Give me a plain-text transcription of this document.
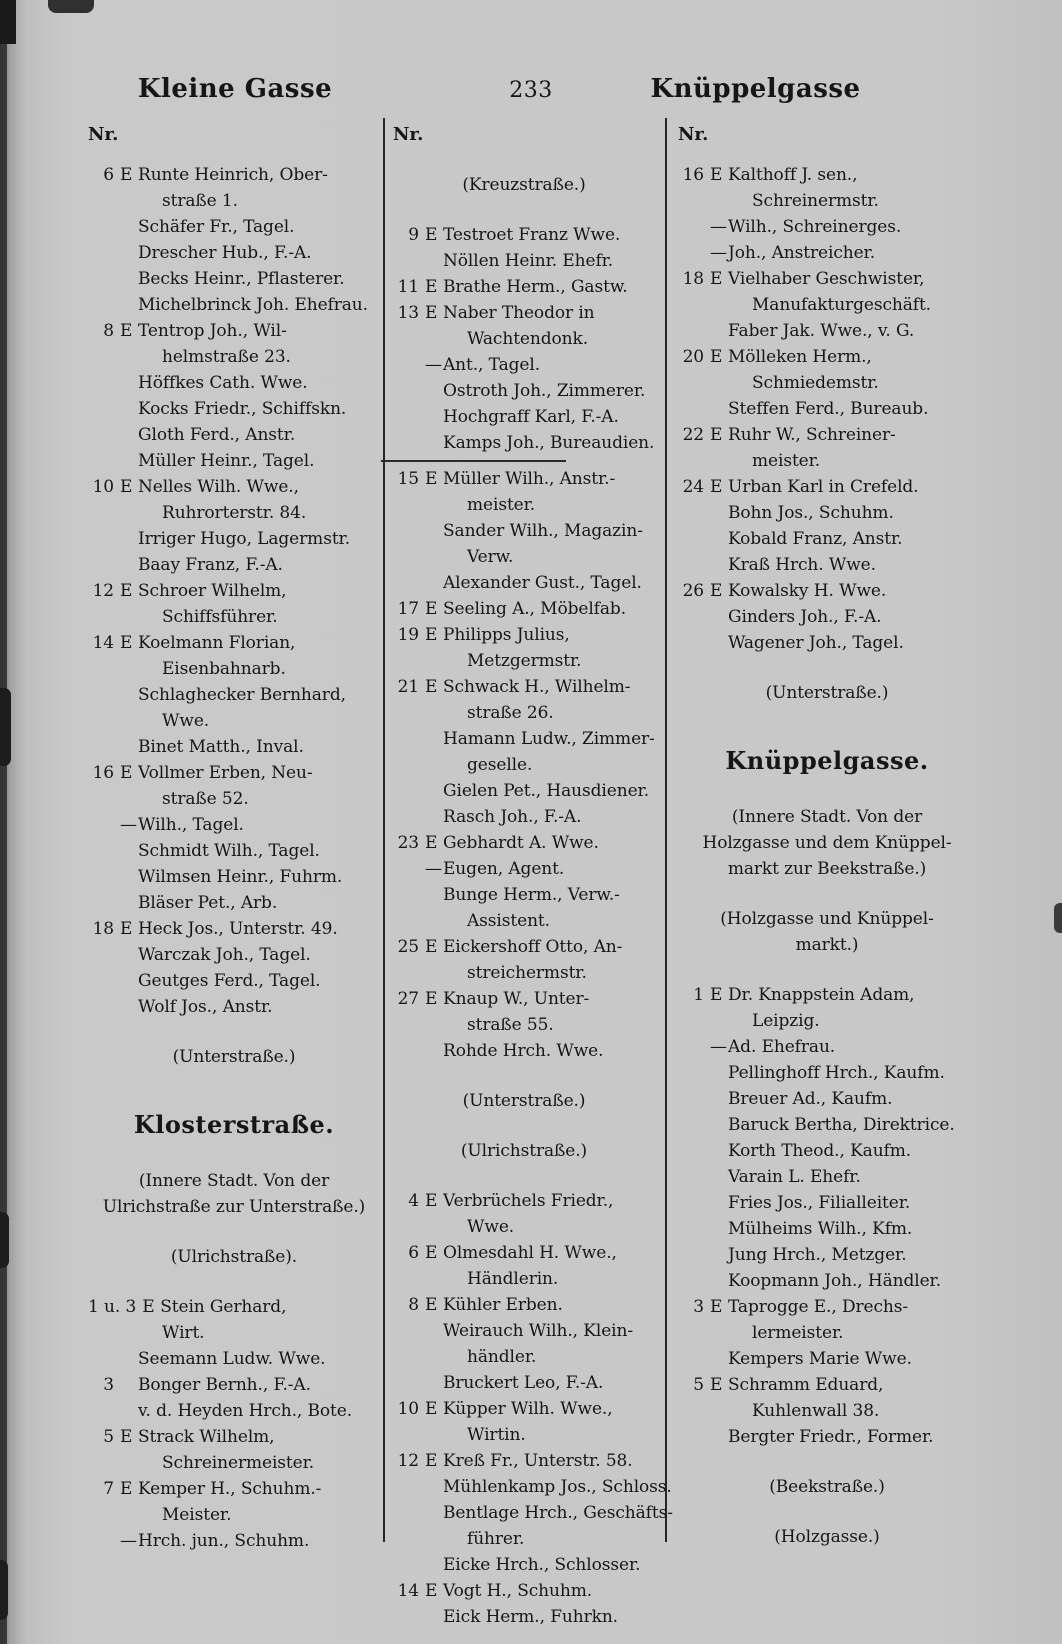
Kleine Gasse	233	Knüppelgasse
Nr.
6 E Runte Heinrich, Ober-
straße 1.
Schäfer Fr., Tagel.
Drescher Hub., F.-A.
Becks Heinr., Pflasterer.
Michelbrinck Joh. Ehefrau.
8 E Tentrop Joh., Wil-
helmstraße 23.
Höffkes Cath. Wwe.
Kocks Friedr., Schiffskn.
Gloth Ferd., Anstr.
Müller Heinr., Tagel.
10 E Nelles Wilh. Wwe.,
Ruhrorterstr. 84.
Irriger Hugo, Lagermstr.
Baay Franz, F.-A.
12 E Schroer Wilhelm,
Schiffsführer.
14 E Koelmann Florian,
Eisenbahnarb.
Schlaghecker Bernhard,
Wwe.
Binet Matth., Inval.
16 E Vollmer Erben, Neu-
straße 52.
—Wilh., Tagel.
Schmidt Wilh., Tagel.
Wilmsen Heinr., Fuhrm.
Bläser Pet., Arb.
18 E Heck Jos., Unterstr. 49.
Warczak Joh., Tagel.
Geutges Ferd., Tagel.
Wolf Jos., Anstr.
(Unterstraße.)
Klosterstraße.
(Innere Stadt. Von der
Ulrichstraße zur Unterstraße.)
(Ulrichstraße).
1 u. 3 E Stein Gerhard,
Wirt.
Seemann Ludw. Wwe.
3 Bonger Bernh., F.-A.
v. d. Heyden Hrch., Bote.
5 E Strack Wilhelm,
Schreinermeister.
7 E Kemper H., Schuhm.-
Meister.
—Hrch. jun., Schuhm.
Nr.
(Kreuzstraße.)
9 E Testroet Franz Wwe.
Nöllen Heinr. Ehefr.
11 E Brathe Herm., Gastw.
13 E Naber Theodor in
Wachtendonk.
—Ant., Tagel.
Ostroth Joh., Zimmerer.
Hochgraff Karl, F.-A.
Kamps Joh., Bureaudien.
15 E Müller Wilh., Anstr.-
meister.
Sander Wilh., Magazin-
Verw.
Alexander Gust., Tagel.
17 E Seeling A., Möbelfab.
19 E Philipps Julius,
Metzgermstr.
21 E Schwack H., Wilhelm-
straße 26.
Hamann Ludw., Zimmer-
geselle.
Gielen Pet., Hausdiener.
Rasch Joh., F.-A.
23 E Gebhardt A. Wwe.
—Eugen, Agent.
Bunge Herm., Verw.-
Assistent.
25 E Eickershoff Otto, An-
streichermstr.
27 E Knaup W., Unter-
straße 55.
Rohde Hrch. Wwe.
(Unterstraße.)
(Ulrichstraße.)
4 E Verbrüchels Friedr.,
Wwe.
6 E Olmesdahl H. Wwe.,
Händlerin.
8 E Kühler Erben.
Weirauch Wilh., Klein-
händler.
Bruckert Leo, F.-A.
10 E Küpper Wilh. Wwe.,
Wirtin.
12 E Kreß Fr., Unterstr. 58.
Mühlenkamp Jos., Schloss.
Bentlage Hrch., Geschäfts-
führer.
Eicke Hrch., Schlosser.
14 E Vogt H., Schuhm.
Eick Herm., Fuhrkn.
Nr.
16 E Kalthoff J. sen.,
Schreinermstr.
—Wilh., Schreinerges.
—Joh., Anstreicher.
18 E Vielhaber Geschwister,
Manufakturgeschäft.
Faber Jak. Wwe., v. G.
20 E Mölleken Herm.,
Schmiedemstr.
Steffen Ferd., Bureaub.
22 E Ruhr W., Schreiner-
meister.
24 E Urban Karl in Crefeld.
Bohn Jos., Schuhm.
Kobald Franz, Anstr.
Kraß Hrch. Wwe.
26 E Kowalsky H. Wwe.
Ginders Joh., F.-A.
Wagener Joh., Tagel.
(Unterstraße.)
Knüppelgasse.
(Innere Stadt. Von der
Holzgasse und dem Knüppel-
markt zur Beekstraße.)
(Holzgasse und Knüppel-
markt.)
1 E Dr. Knappstein Adam,
Leipzig.
—Ad. Ehefrau.
Pellinghoff Hrch., Kaufm.
Breuer Ad., Kaufm.
Baruck Bertha, Direktrice.
Korth Theod., Kaufm.
Varain L. Ehefr.
Fries Jos., Filialleiter.
Mülheims Wilh., Kfm.
Jung Hrch., Metzger.
Koopmann Joh., Händler.
3 E Taprogge E., Drechs-
lermeister.
Kempers Marie Wwe.
5 E Schramm Eduard,
Kuhlenwall 38.
Bergter Friedr., Former.
(Beekstraße.)
(Holzgasse.)
